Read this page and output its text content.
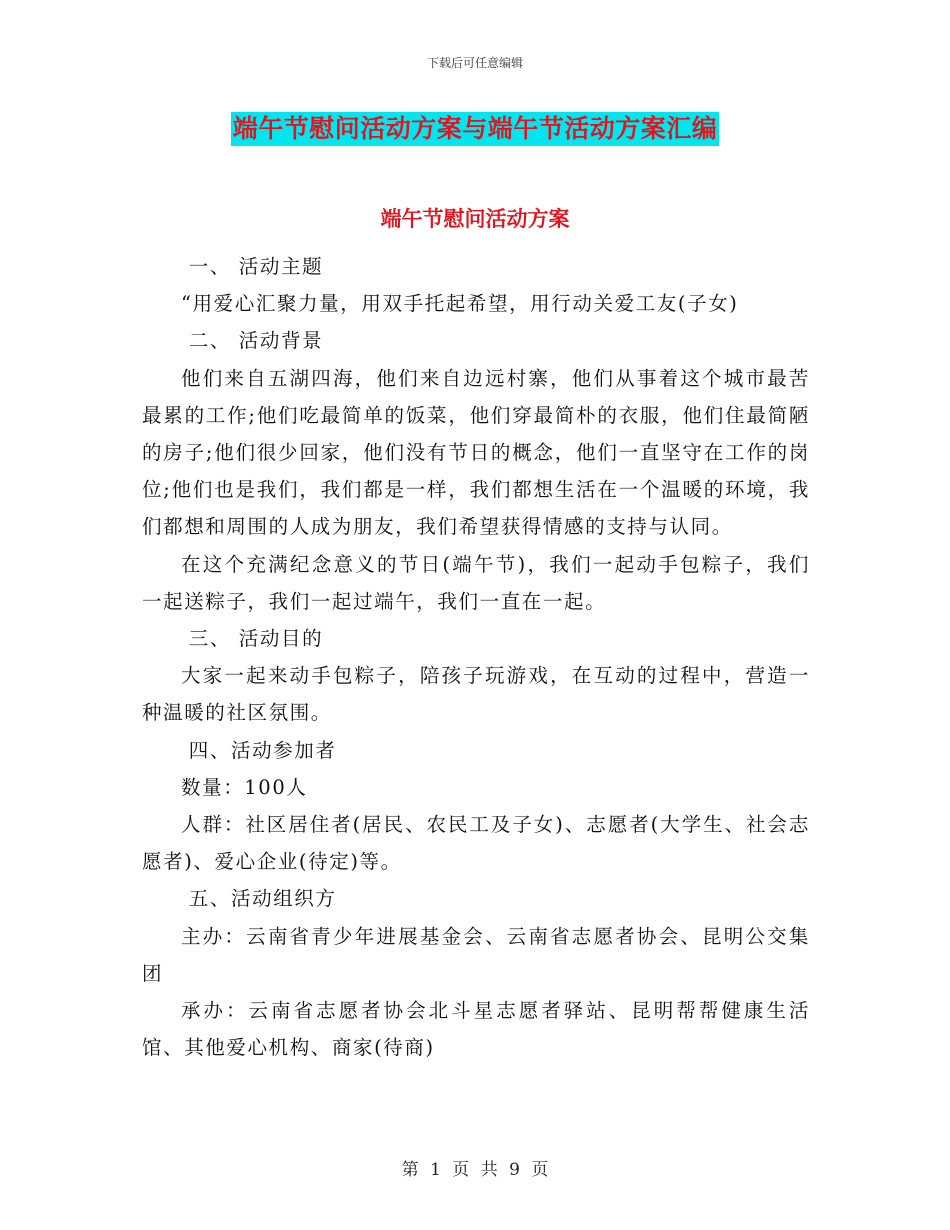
下载后可任意编辑
端午节慰问活动方案与端午节活动方案汇编
端午节慰问活动方案

一、 活动主题

“用爱心汇聚力量，用双手托起希望，用行动关爱工友(子女)

二、 活动背景

他们来自五湖四海，他们来自边远村寨，他们从事着这个城市最苦最累的工作;他们吃最简单的饭菜，他们穿最简朴的衣服，他们住最简陋的房子;他们很少回家，他们没有节日的概念，他们一直坚守在工作的岗位;他们也是我们，我们都是一样，我们都想生活在一个温暖的环境，我们都想和周围的人成为朋友，我们希望获得情感的支持与认同。

在这个充满纪念意义的节日(端午节)，我们一起动手包粽子，我们一起送粽子，我们一起过端午，我们一直在一起。

三、 活动目的

大家一起来动手包粽子，陪孩子玩游戏，在互动的过程中，营造一种温暖的社区氛围。

四、活动参加者

数量：100人

人群：社区居住者(居民、农民工及子女)、志愿者(大学生、社会志愿者)、爱心企业(待定)等。

五、活动组织方

主办：云南省青少年进展基金会、云南省志愿者协会、昆明公交集团

承办：云南省志愿者协会北斗星志愿者驿站、昆明帮帮健康生活馆、其他爱心机构、商家(待商)

第 1 页 共 9 页
